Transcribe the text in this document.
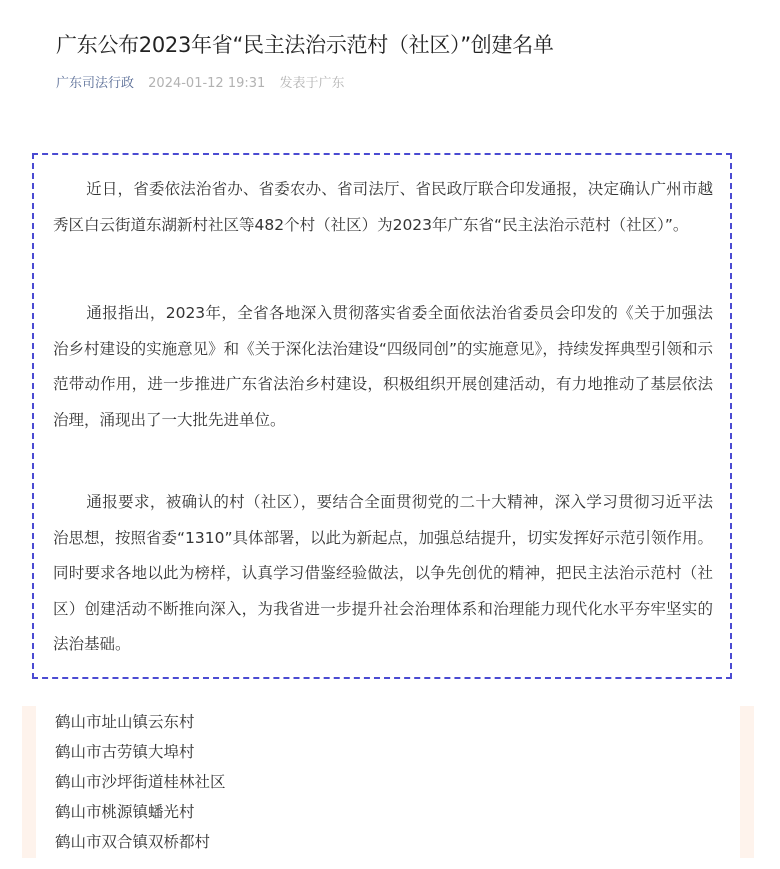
广东公布2023年省“民主法治示范村（社区）”创建名单
广东司法行政 2024-01-12 19:31 发表于广东

近日，省委依法治省办、省委农办、省司法厅、省民政厅联合印发通报，决定确认广州市越秀区白云街道东湖新村社区等482个村（社区）为2023年广东省“民主法治示范村（社区）”。

通报指出，2023年，全省各地深入贯彻落实省委全面依法治省委员会印发的《关于加强法治乡村建设的实施意见》和《关于深化法治建设“四级同创”的实施意见》，持续发挥典型引领和示范带动作用，进一步推进广东省法治乡村建设，积极组织开展创建活动，有力地推动了基层依法治理，涌现出了一大批先进单位。

通报要求，被确认的村（社区），要结合全面贯彻党的二十大精神，深入学习贯彻习近平法治思想，按照省委“1310”具体部署，以此为新起点，加强总结提升，切实发挥好示范引领作用。同时要求各地以此为榜样，认真学习借鉴经验做法，以争先创优的精神，把民主法治示范村（社区）创建活动不断推向深入，为我省进一步提升社会治理体系和治理能力现代化水平夯牢坚实的法治基础。

鹤山市址山镇云东村
鹤山市古劳镇大埠村
鹤山市沙坪街道桂林社区
鹤山市桃源镇蟠光村
鹤山市双合镇双桥都村
